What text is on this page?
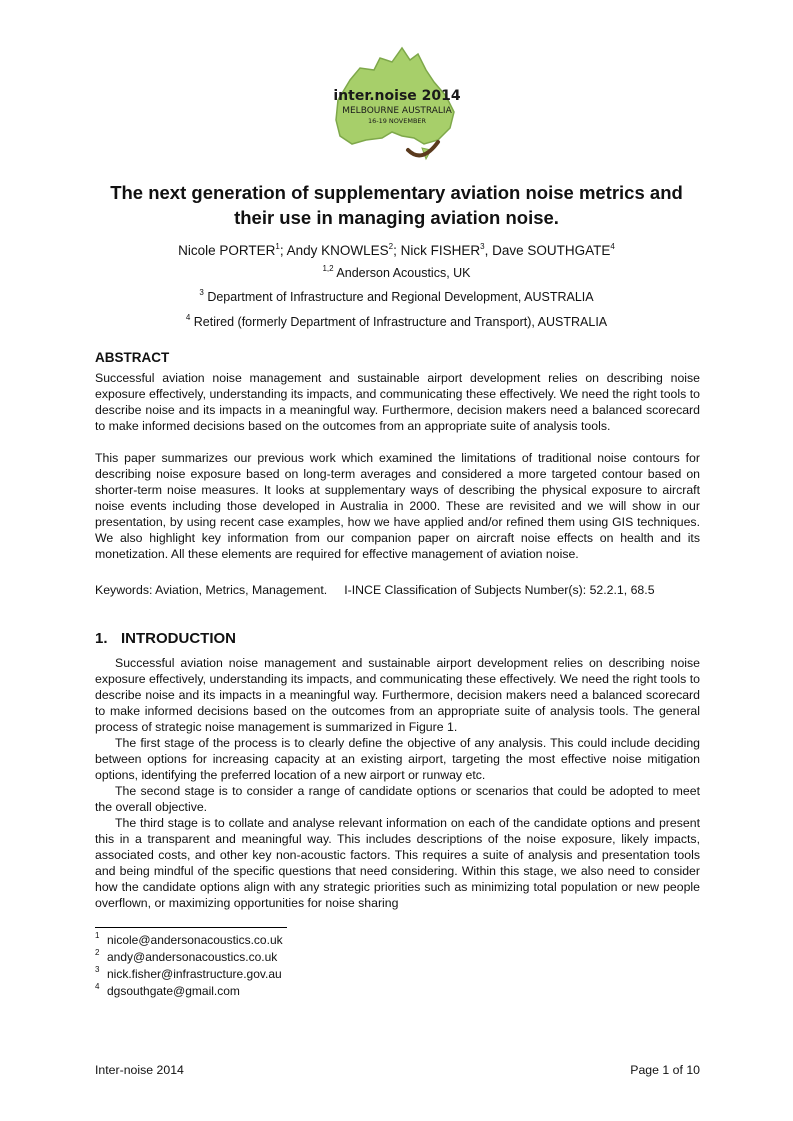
inter.noise 2014
MELBOURNE AUSTRALIA
16-19 NOVEMBER
The next generation of supplementary aviation noise metrics and
their use in managing aviation noise.
Nicole PORTER$^1$; Andy KNOWLES$^2$; Nick FISHER$^3$, Dave SOUTHGATE$^4$
$^{1,2}$ Anderson Acoustics, UK
$^3$ Department of Infrastructure and Regional Development, AUSTRALIA
$^4$ Retired (formerly Department of Infrastructure and Transport), AUSTRALIA
ABSTRACT

Successful aviation noise management and sustainable airport development relies on describing noise exposure effectively, understanding its impacts, and communicating these effectively. We need the right tools to describe noise and its impacts in a meaningful way. Furthermore, decision makers need a balanced scorecard to make informed decisions based on the outcomes from an appropriate suite of analysis tools.

This paper summarizes our previous work which examined the limitations of traditional noise contours for describing noise exposure based on long-term averages and considered a more targeted contour based on shorter-term noise measures. It looks at supplementary ways of describing the physical exposure to aircraft noise events including those developed in Australia in 2000. These are revisited and we will show in our presentation, by using recent case examples, how we have applied and/or refined them using GIS techniques. We also highlight key information from our companion paper on aircraft noise effects on health and its monetization. All these elements are required for effective management of aviation noise.

Keywords: Aviation, Metrics, Management. I-INCE Classification of Subjects Number(s): 52.2.1, 68.5
1. INTRODUCTION

Successful aviation noise management and sustainable airport development relies on describing noise exposure effectively, understanding its impacts, and communicating these effectively. We need the right tools to describe noise and its impacts in a meaningful way. Furthermore, decision makers need a balanced scorecard to make informed decisions based on the outcomes from an appropriate suite of analysis tools. The general process of strategic noise management is summarized in Figure 1.

The first stage of the process is to clearly define the objective of any analysis. This could include deciding between options for increasing capacity at an existing airport, targeting the most effective noise mitigation options, identifying the preferred location of a new airport or runway etc.

The second stage is to consider a range of candidate options or scenarios that could be adopted to meet the overall objective.

The third stage is to collate and analyse relevant information on each of the candidate options and present this in a transparent and meaningful way. This includes descriptions of the noise exposure, likely impacts, associated costs, and other key non-acoustic factors. This requires a suite of analysis and presentation tools and being mindful of the specific questions that need considering. Within this stage, we also need to consider how the candidate options align with any strategic priorities such as minimizing total population or new people overflown, or maximizing opportunities for noise sharing

$^1$ nicole@andersonacoustics.co.uk
$^2$ andy@andersonacoustics.co.uk
$^3$ nick.fisher@infrastructure.gov.au
$^4$ dgsouthgate@gmail.com
Inter-noise 2014	Page 1 of 10
